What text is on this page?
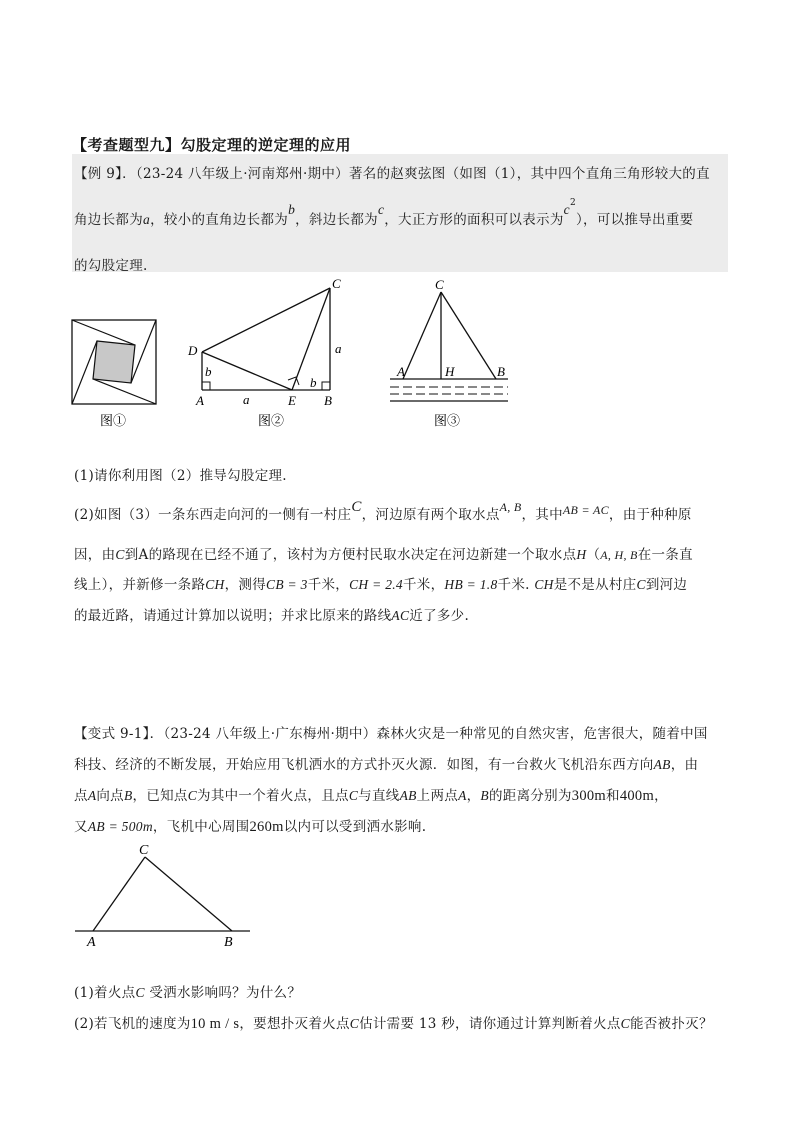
【考查题型九】勾股定理的逆定理的应用
【例 9】．（23-24 八年级上·河南郑州·期中）著名的赵爽弦图（如图（1），其中四个直角三角形较大的直
角边长都为a，较小的直角边长都为b，斜边长都为c，大正方形的面积可以表示为$c^2$），可以推导出重要
的勾股定理.
图①
C
D
A	E B
a
a
b
b
图②
C
A	H	B
图③
(1)请你利用图（2）推导勾股定理.
(2)如图（3）一条东西走向河的一侧有一村庄C，河边原有两个取水点A, B，其中AB = AC，由于种种原
因，由C到A的路现在已经不通了，该村为方便村民取水决定在河边新建一个取水点H（A, H, B在一条直
线上），并新修一条路CH，测得CB = 3千米，CH = 2.4千米，HB = 1.8千米. CH是不是从村庄C到河边
的最近路，请通过计算加以说明；并求比原来的路线AC近了多少.
【变式 9-1】．（23-24 八年级上·广东梅州·期中）森林火灾是一种常见的自然灾害，危害很大，随着中国
科技、经济的不断发展，开始应用飞机洒水的方式扑灭火源．如图，有一台救火飞机沿东西方向AB，由
点A向点B，已知点C为其中一个着火点，且点C与直线AB上两点A，B的距离分别为300m和400m，
又AB = 500m，飞机中心周围260m以内可以受到洒水影响.
C
A	B
(1)着火点C 受洒水影响吗？为什么？
(2)若飞机的速度为10 m / s，要想扑灭着火点C估计需要 13 秒，请你通过计算判断着火点C能否被扑灭？
